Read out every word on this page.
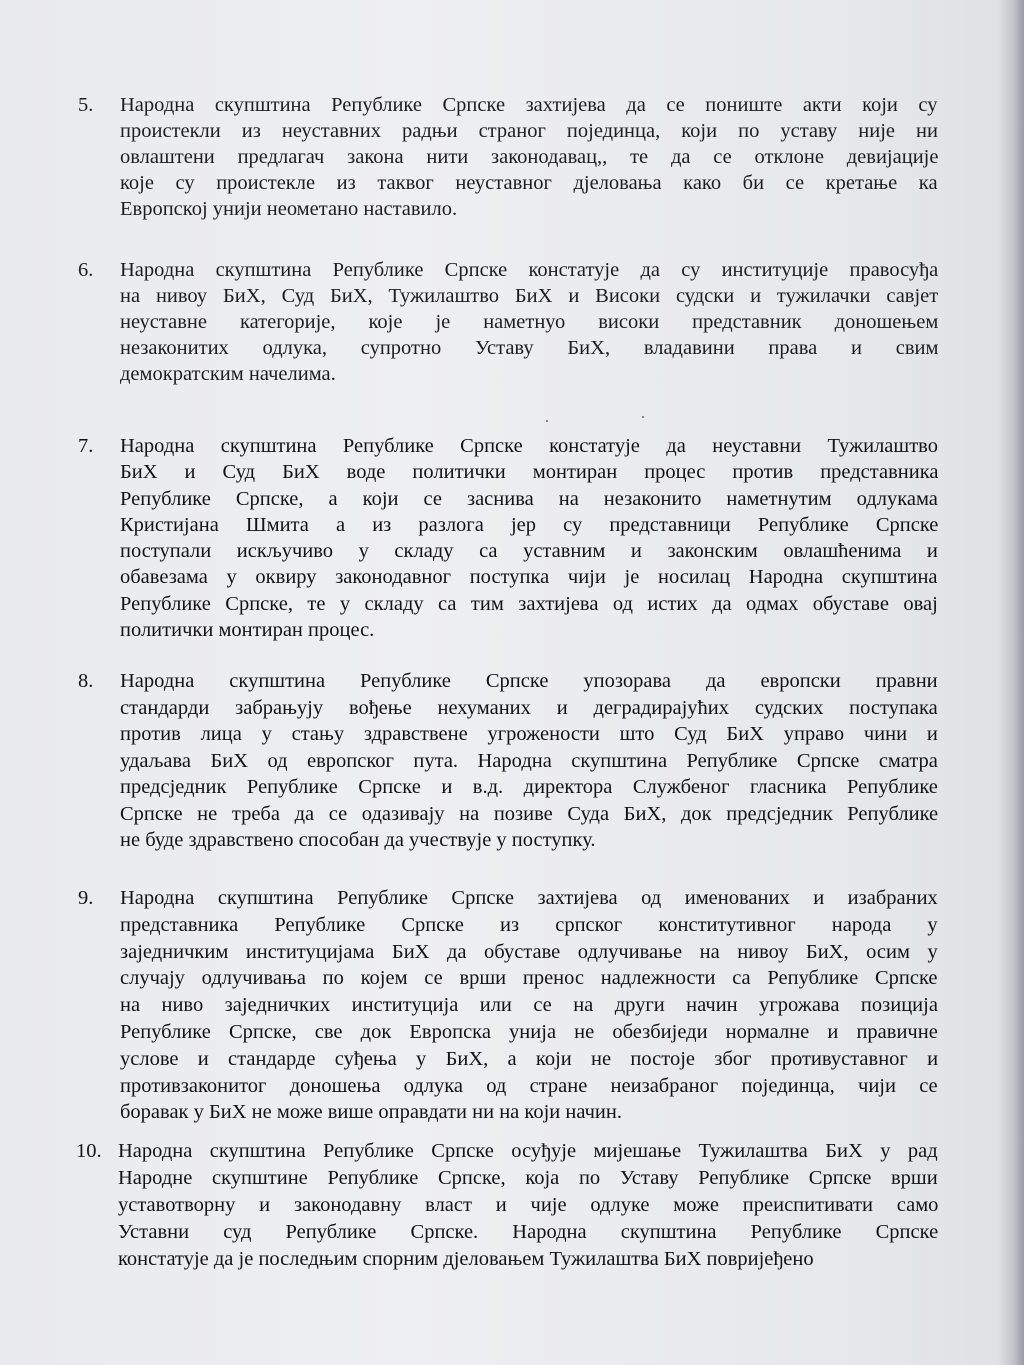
5. Народна скупштина Републике Српске захтијева да се пониште акти који су
проистекли из неуставних радњи страног појединца, који по уставу није ни
овлаштени предлагач закона нити законодавац,, те да се отклоне девијације
које су проистекле из таквог неуставног дјеловања како би се кретање ка
Европској унији неометано наставило.
6. Народна скупштина Републике Српске констатује да су институције правосуђа
на нивоу БиХ, Суд БиХ, Тужилаштво БиХ и Високи судски и тужилачки савјет
неуставне категорије, које је наметнуо високи представник доношењем
незаконитих одлука, супротно Уставу БиХ, владавини права и свим
демократским начелима.
7. Народна скупштина Републике Српске констатује да неуставни Тужилаштво
БиХ и Суд БиХ воде политички монтиран процес против представника
Републике Српске, а који се заснива на незаконито наметнутим одлукама
Кристијана Шмита а из разлога јер су представници Републике Српске
поступали искључиво у складу са уставним и законским овлашћенима и
обавезама у оквиру законодавног поступка чији је носилац Народна скупштина
Републике Српске, те у складу са тим захтијева од истих да одмах обуставе овај
политички монтиран процес.
8. Народна скупштина Републике Српске упозорава да европски правни
стандарди забрањују вођење нехуманих и деградирајућих судских поступака
против лица у стању здравствене угрожености што Суд БиХ управо чини и
удаљава БиХ од европског пута. Народна скупштина Републике Српске сматра
предсједник Републике Српске и в.д. директора Службеног гласника Републике
Српске не треба да се одазивају на позиве Суда БиХ, док предсједник Републике
не буде здравствено способан да учествује у поступку.
9. Народна скупштина Републике Српске захтијева од именованих и изабраних
представника Републике Српске из српског конститутивног народа у
заједничким институцијама БиХ да обуставе одлучивање на нивоу БиХ, осим у
случају одлучивања по којем се врши пренос надлежности са Републике Српске
на ниво заједничких институција или се на други начин угрожава позиција
Републике Српске, све док Европска унија не обезбиједи нормалне и правичне
услове и стандарде суђења у БиХ, а који не постоје због противуставног и
противзаконитог доношења одлука од стране неизабраног појединца, чији се
боравак у БиХ не може више оправдати ни на који начин.
10. Народна скупштина Републике Српске осуђује мијешање Тужилаштва БиХ у рад
Народне скупштине Републике Српске, која по Уставу Републике Српске врши
уставотворну и законодавну власт и чије одлуке може преиспитивати само
Уставни суд Републике Српске. Народна скупштина Републике Српске
констатује да је последњим спорним дјеловањем Тужилаштва БиХ повријеђено
